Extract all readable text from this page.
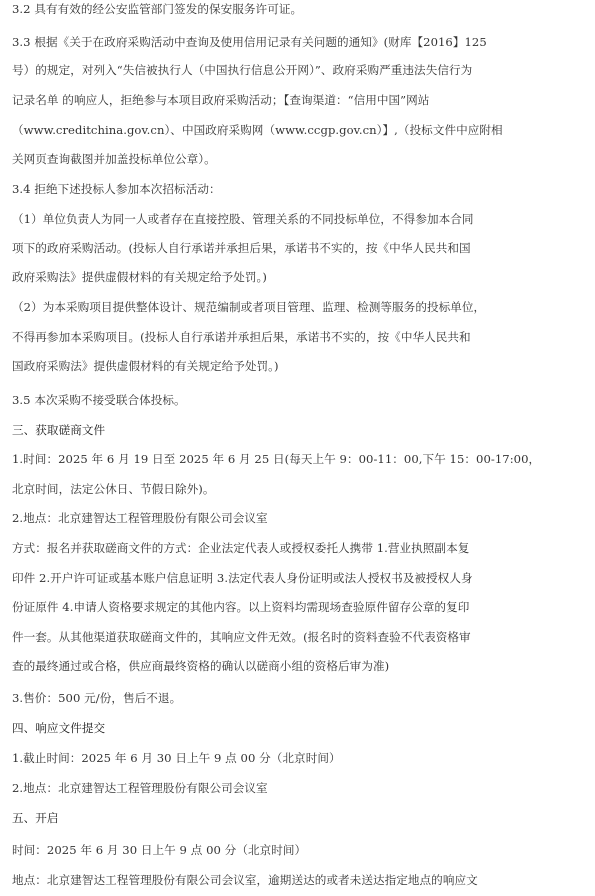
3.2 具有有效的经公安监管部门签发的保安服务许可证。
3.3 根据《关于在政府采购活动中查询及使用信用记录有关问题的通知》(财库【2016】125
号）的规定，对列入“失信被执行人（中国执行信息公开网）”、政府采购严重违法失信行为
记录名单 的响应人，拒绝参与本项目政府采购活动；【查询渠道：“信用中国”网站
（www.creditchina.gov.cn）、中国政府采购网（www.ccgp.gov.cn）】,（投标文件中应附相
关网页查询截图并加盖投标单位公章）。
3.4 拒绝下述投标人参加本次招标活动：
（1）单位负责人为同一人或者存在直接控股、管理关系的不同投标单位，不得参加本合同
项下的政府采购活动。(投标人自行承诺并承担后果，承诺书不实的，按《中华人民共和国
政府采购法》提供虚假材料的有关规定给予处罚。)
（2）为本采购项目提供整体设计、规范编制或者项目管理、监理、检测等服务的投标单位，
不得再参加本采购项目。(投标人自行承诺并承担后果，承诺书不实的，按《中华人民共和
国政府采购法》提供虚假材料的有关规定给予处罚。)
3.5 本次采购不接受联合体投标。
三、获取磋商文件
1.时间：2025 年 6 月 19 日至 2025 年 6 月 25 日(每天上午 9：00-11：00,下午 15：00-17:00，
北京时间，法定公休日、节假日除外)。
2.地点：北京建智达工程管理股份有限公司会议室
方式：报名并获取磋商文件的方式：企业法定代表人或授权委托人携带 1.营业执照副本复
印件 2.开户许可证或基本账户信息证明 3.法定代表人身份证明或法人授权书及被授权人身
份证原件 4.申请人资格要求规定的其他内容。以上资料均需现场查验原件留存公章的复印
件一套。从其他渠道获取磋商文件的，其响应文件无效。(报名时的资料查验不代表资格审
查的最终通过或合格，供应商最终资格的确认以磋商小组的资格后审为准)
3.售价：500 元/份，售后不退。
四、响应文件提交
1.截止时间：2025 年 6 月 30 日上午 9 点 00 分（北京时间）
2.地点：北京建智达工程管理股份有限公司会议室
五、开启
时间：2025 年 6 月 30 日上午 9 点 00 分（北京时间）
地点：北京建智达工程管理股份有限公司会议室，逾期送达的或者未送达指定地点的响应文
